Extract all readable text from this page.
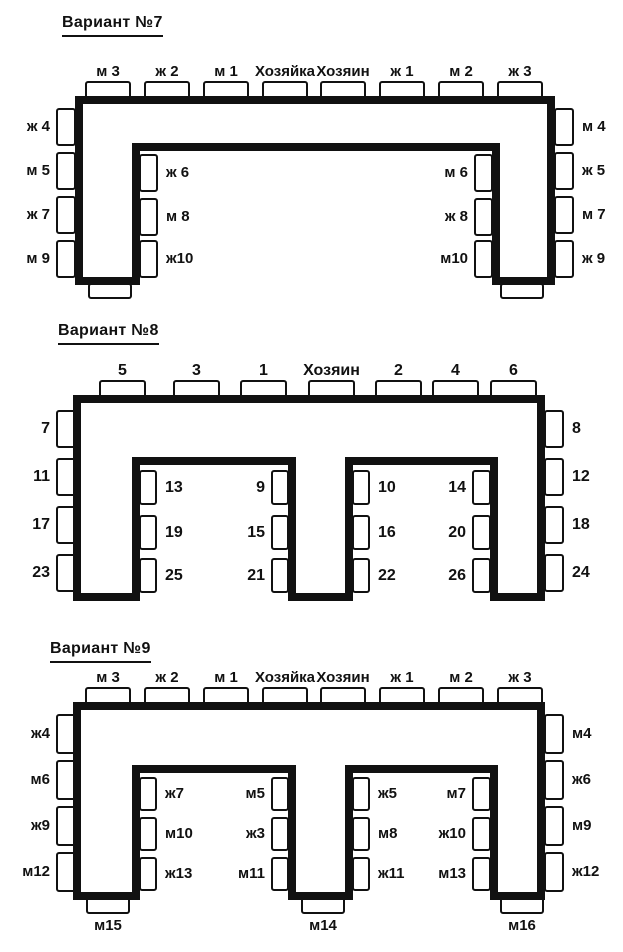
Вариант №7
Вариант №8
Вариант №9
м 3 ж 2 м 1 Хозяйка Хозяин ж 1 м 2 ж 3
ж 4
м 5
ж 7
м 9
ж 6
м 8
ж10
м 6
ж 8
м10
м 4
ж 5
м 7
ж 9
5	3	1 Хозяин 2	4	6
7
11
17
23
13
19
25
9
15
21
10
16
22
14
20
26
8
12
18
24
м 3 ж 2 м 1 Хозяйка Хозяин ж 1 м 2 ж 3
ж4
м6
ж9
м12
ж7
м10
ж13
м5
ж3
м11
ж5
м8
ж11
м7
ж10
м13
м4
ж6
м9
ж12
м15	м14	м16
